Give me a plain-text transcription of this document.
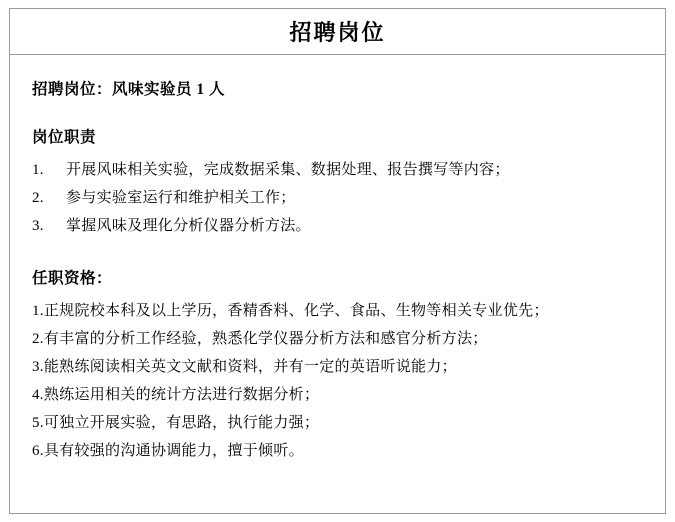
招聘岗位
招聘岗位：风味实验员 1 人
岗位职责
1.	开展风味相关实验，完成数据采集、数据处理、报告撰写等内容；
2.	参与实验室运行和维护相关工作；
3.	掌握风味及理化分析仪器分析方法。
任职资格：
1.正规院校本科及以上学历，香精香料、化学、食品、生物等相关专业优先；
2.有丰富的分析工作经验，熟悉化学仪器分析方法和感官分析方法；
3.能熟练阅读相关英文文献和资料，并有一定的英语听说能力；
4.熟练运用相关的统计方法进行数据分析；
5.可独立开展实验，有思路，执行能力强；
6.具有较强的沟通协调能力，擅于倾听。
